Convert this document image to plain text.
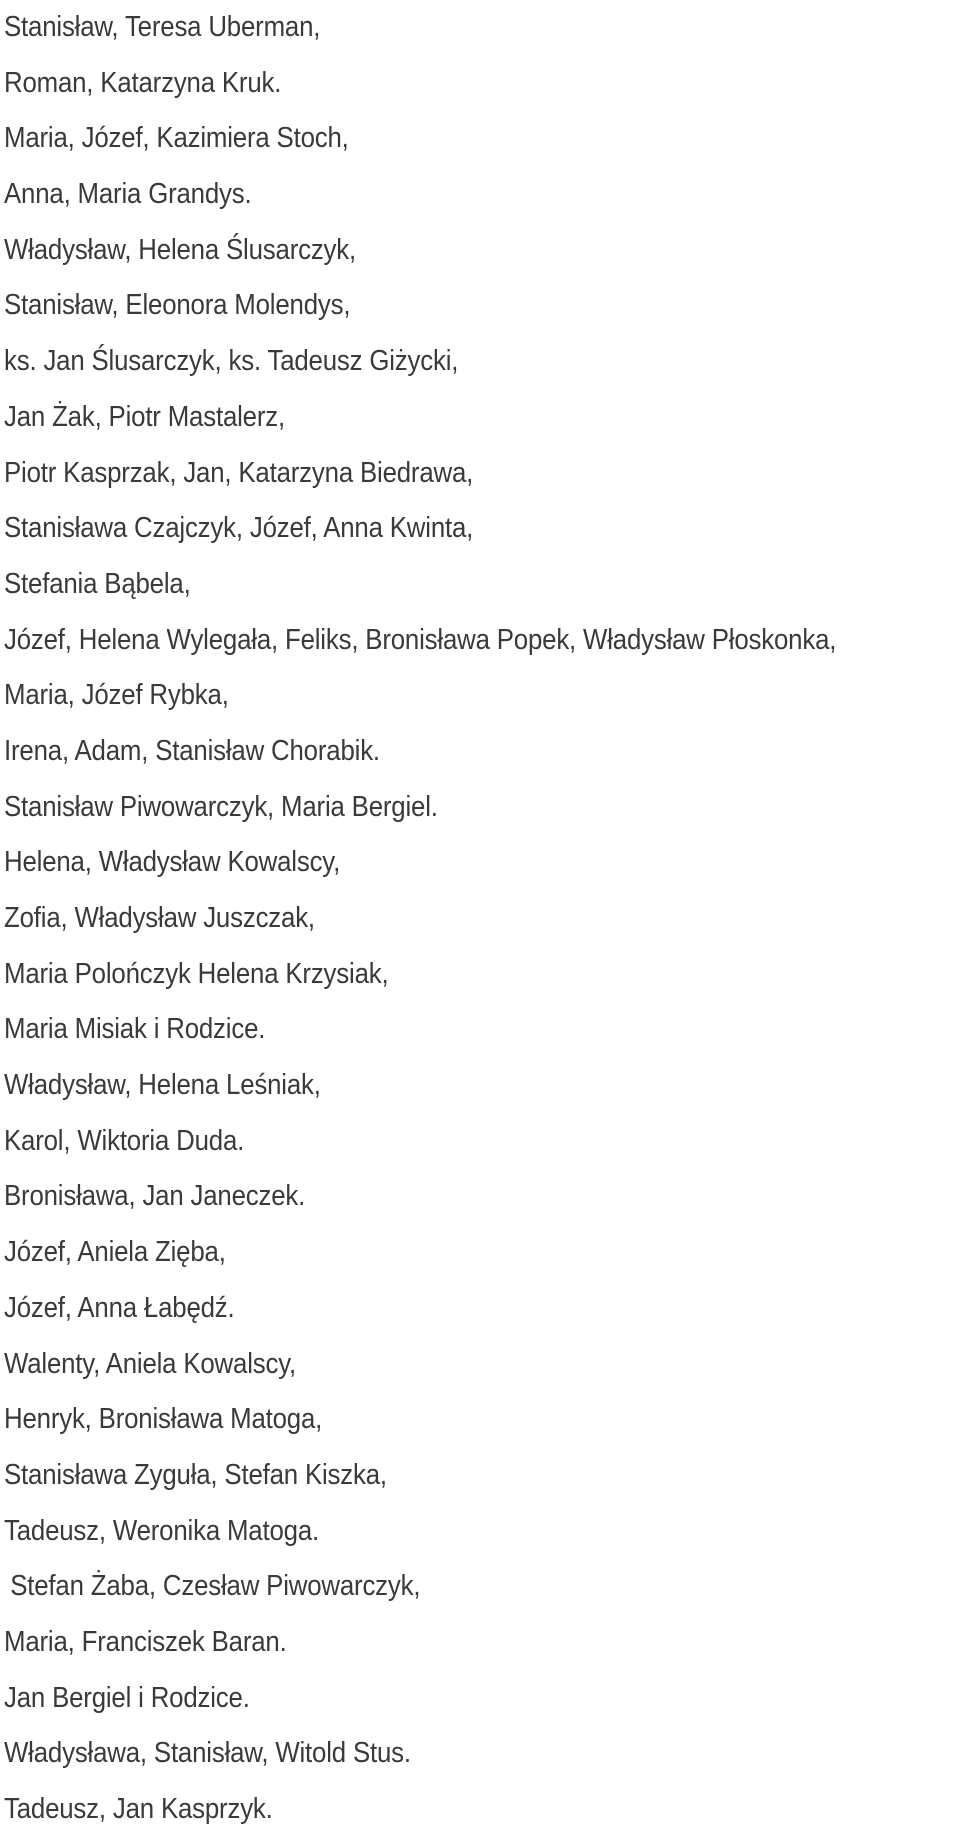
Stanisław, Teresa Uberman,
Roman, Katarzyna Kruk.
Maria, Józef, Kazimiera Stoch,
Anna, Maria Grandys.
Władysław, Helena Ślusarczyk,
Stanisław, Eleonora Molendys,
ks. Jan Ślusarczyk, ks. Tadeusz Giżycki,
Jan Żak, Piotr Mastalerz,
Piotr Kasprzak, Jan, Katarzyna Biedrawa,
Stanisława Czajczyk, Józef, Anna Kwinta,
Stefania Bąbela,
Józef, Helena Wylegała, Feliks, Bronisława Popek, Władysław Płoskonka,
Maria, Józef Rybka,
Irena, Adam, Stanisław Chorabik.
Stanisław Piwowarczyk, Maria Bergiel.
Helena, Władysław Kowalscy,
Zofia, Władysław Juszczak,
Maria Polończyk Helena Krzysiak,
Maria Misiak i Rodzice.
Władysław, Helena Leśniak,
Karol, Wiktoria Duda.
Bronisława, Jan Janeczek.
Józef, Aniela Zięba,
Józef, Anna Łabędź.
Walenty, Aniela Kowalscy,
Henryk, Bronisława Matoga,
Stanisława Zyguła, Stefan Kiszka,
Tadeusz, Weronika Matoga.
Stefan Żaba, Czesław Piwowarczyk,
Maria, Franciszek Baran.
Jan Bergiel i Rodzice.
Władysława, Stanisław, Witold Stus.
Tadeusz, Jan Kasprzyk.
